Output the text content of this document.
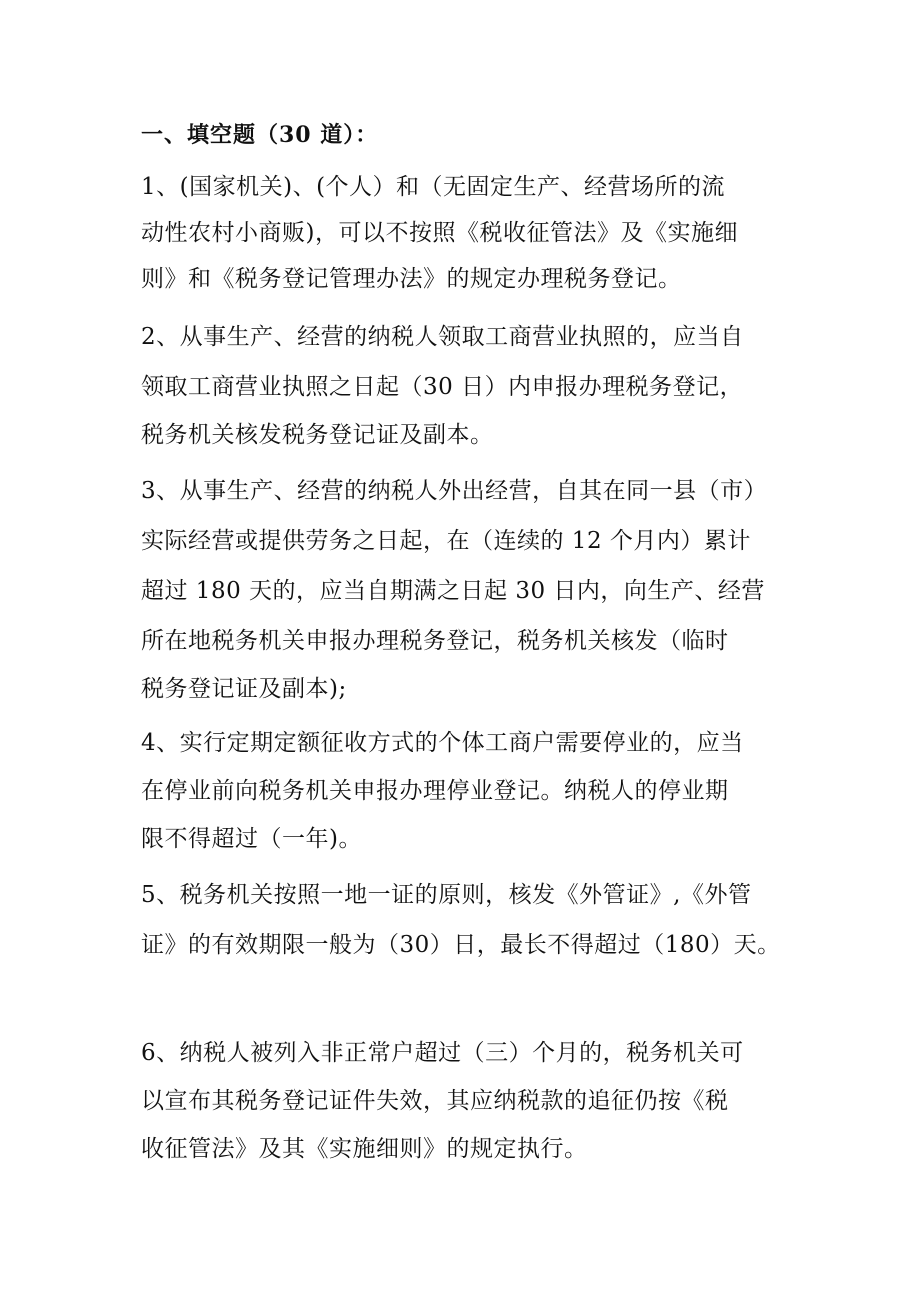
一、填空题（30 道）：
1、(国家机关)、(个人）和（无固定生产、经营场所的流
动性农村小商贩)，可以不按照《税收征管法》及《实施细
则》和《税务登记管理办法》的规定办理税务登记。
2、从事生产、经营的纳税人领取工商营业执照的，应当自
领取工商营业执照之日起（30 日）内申报办理税务登记，
税务机关核发税务登记证及副本。
3、从事生产、经营的纳税人外出经营，自其在同一县（市）
实际经营或提供劳务之日起，在（连续的 12 个月内）累计
超过 180 天的，应当自期满之日起 30 日内，向生产、经营
所在地税务机关申报办理税务登记，税务机关核发（临时
税务登记证及副本);
4、实行定期定额征收方式的个体工商户需要停业的，应当
在停业前向税务机关申报办理停业登记。纳税人的停业期
限不得超过（一年)。
5、税务机关按照一地一证的原则，核发《外管证》,《外管
证》的有效期限一般为（30）日，最长不得超过（180）天。
6、纳税人被列入非正常户超过（三）个月的，税务机关可
以宣布其税务登记证件失效，其应纳税款的追征仍按《税
收征管法》及其《实施细则》的规定执行。
